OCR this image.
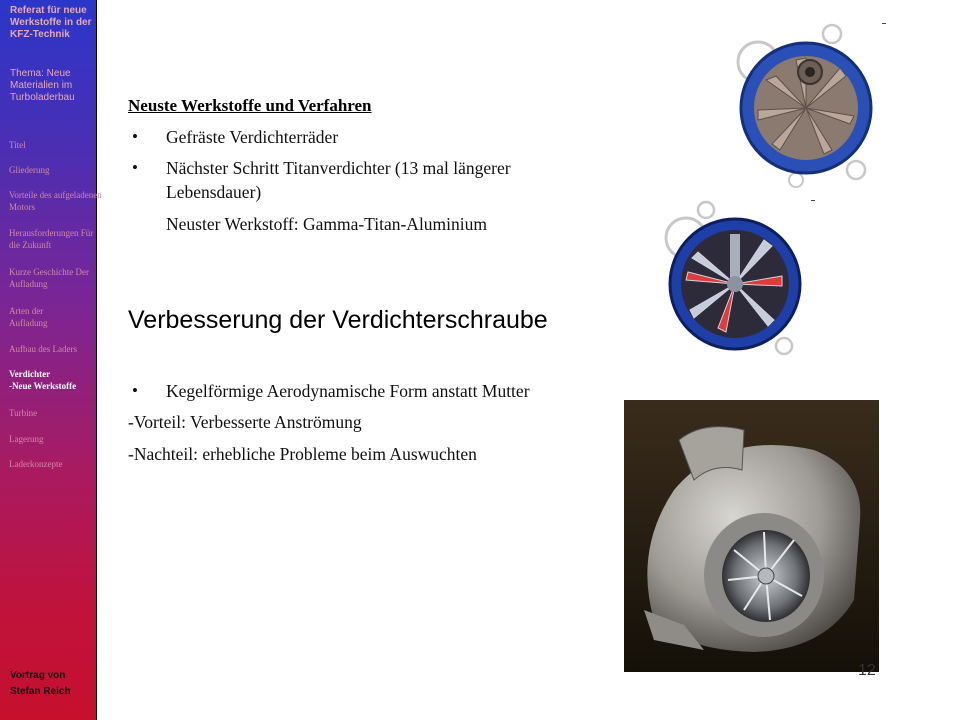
Referat für neue Werkstoffe in der KFZ-Technik
Thema: Neue Materialien im Turboladerbau
Titel
Gliederung
Vorteile des aufgeladenen Motors
Herausforderungen Für die Zukunft
Kurze Geschichte Der Aufladung
Arten der Aufladung
Aufbau des Laders
Verdichter
-Neue Werkstoffe
Turbine
Lagerung
Laderkonzepte
Vortrag von
Stefan Reich
Neuste Werkstoffe und Verfahren
• Gefräste Verdichterräder
• Nächster Schritt Titanverdichter (13 mal längerer
Lebensdauer)
Neuster Werkstoff: Gamma-Titan-Aluminium
Verbesserung der Verdichterschraube
• Kegelförmige Aerodynamische Form anstatt Mutter
-Vorteil: Verbesserte Anströmung
-Nachteil: erhebliche Probleme beim Auswuchten
12
